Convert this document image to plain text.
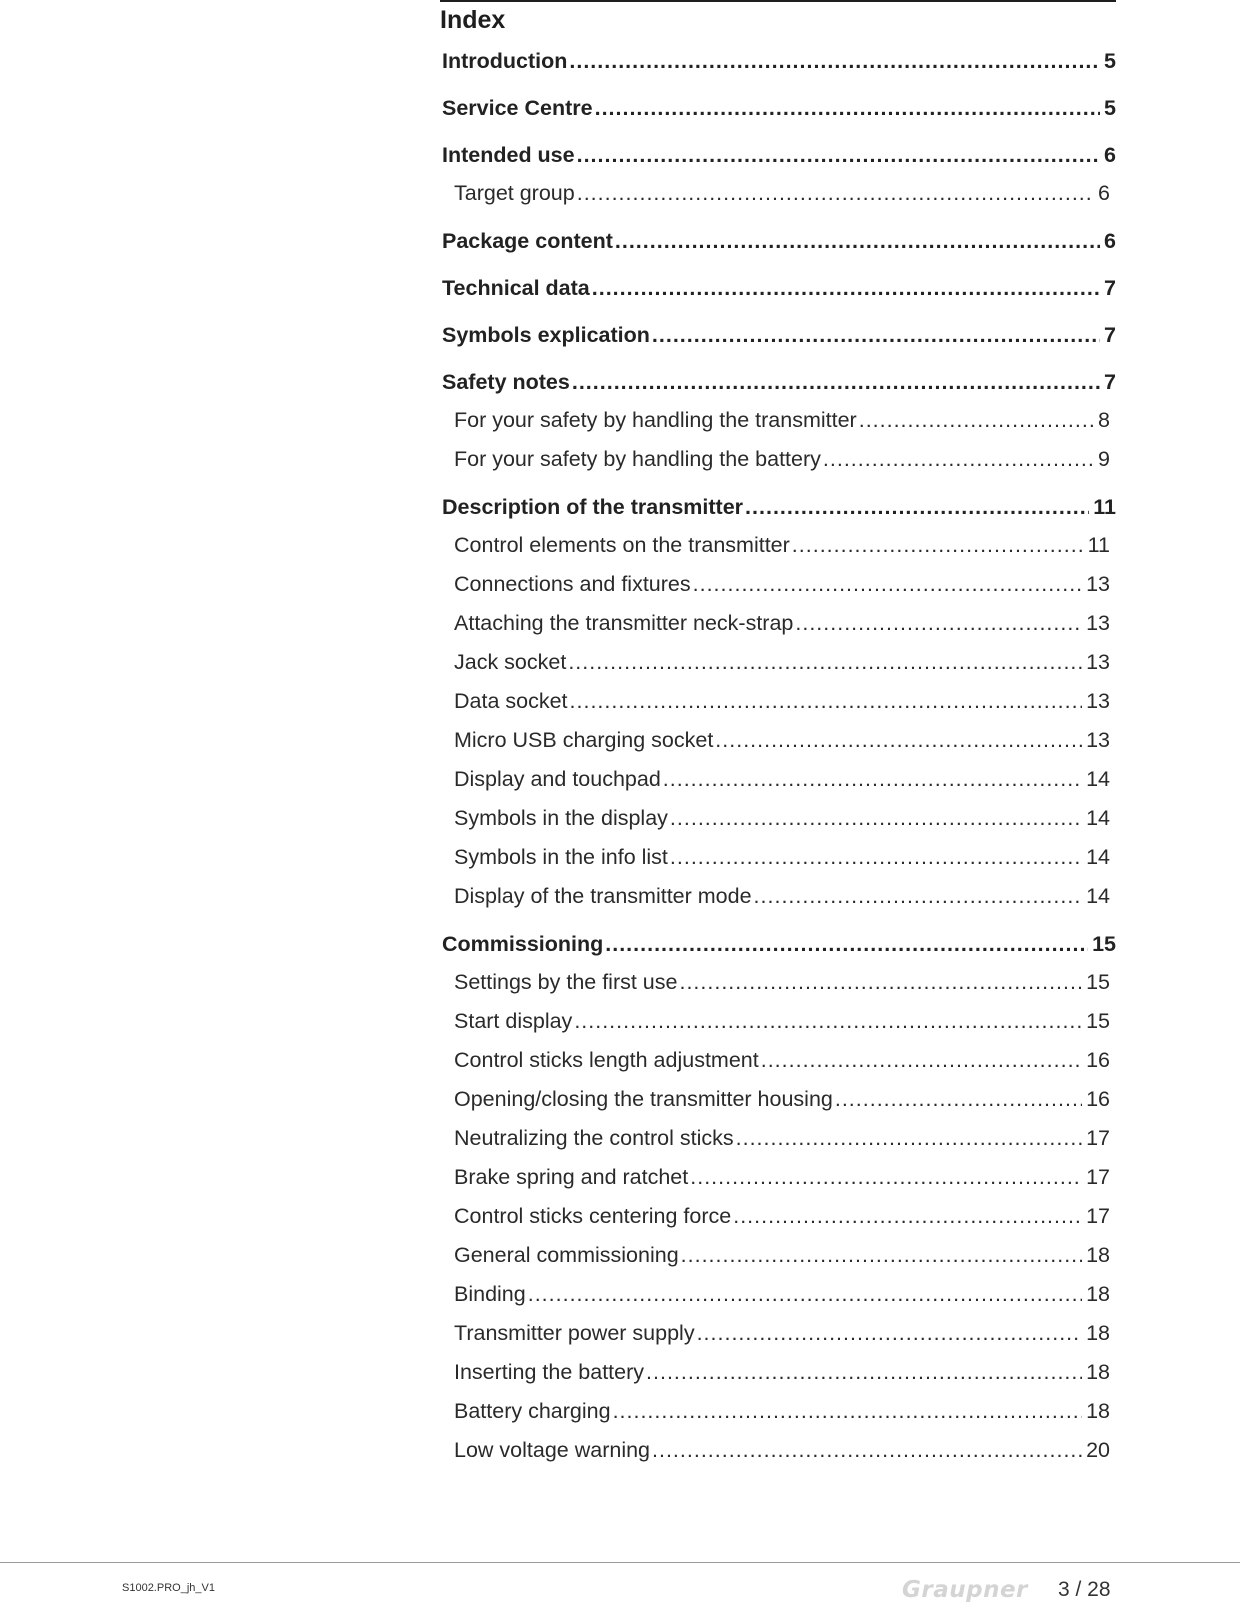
Index
Introduction .....	5
Service Centre .....	5
Intended use .....	6
Target group .....	6
Package content .....	6
Technical data .....	7
Symbols explication .....	7
Safety notes .....	7
For your safety by handling the transmitter .....	8
For your safety by handling the battery .....	9
Description of the transmitter .....	11
Control elements on the transmitter .....	11
Connections and fixtures .....	13
Attaching the transmitter neck-strap .....	13
Jack socket .....	13
Data socket .....	13
Micro USB charging socket .....	13
Display and touchpad .....	14
Symbols in the display .....	14
Symbols in the info list .....	14
Display of the transmitter mode .....	14
Commissioning .....	15
Settings by the first use .....	15
Start display .....	15
Control sticks length adjustment .....	16
Opening/closing the transmitter housing .....	16
Neutralizing the control sticks .....	17
Brake spring and ratchet .....	17
Control sticks centering force .....	17
General commissioning .....	18
Binding .....	18
Transmitter power supply .....	18
Inserting the battery .....	18
Battery charging .....	18
Low voltage warning .....	20
S1002.PRO_jh_V1	Graupner 3 / 28
